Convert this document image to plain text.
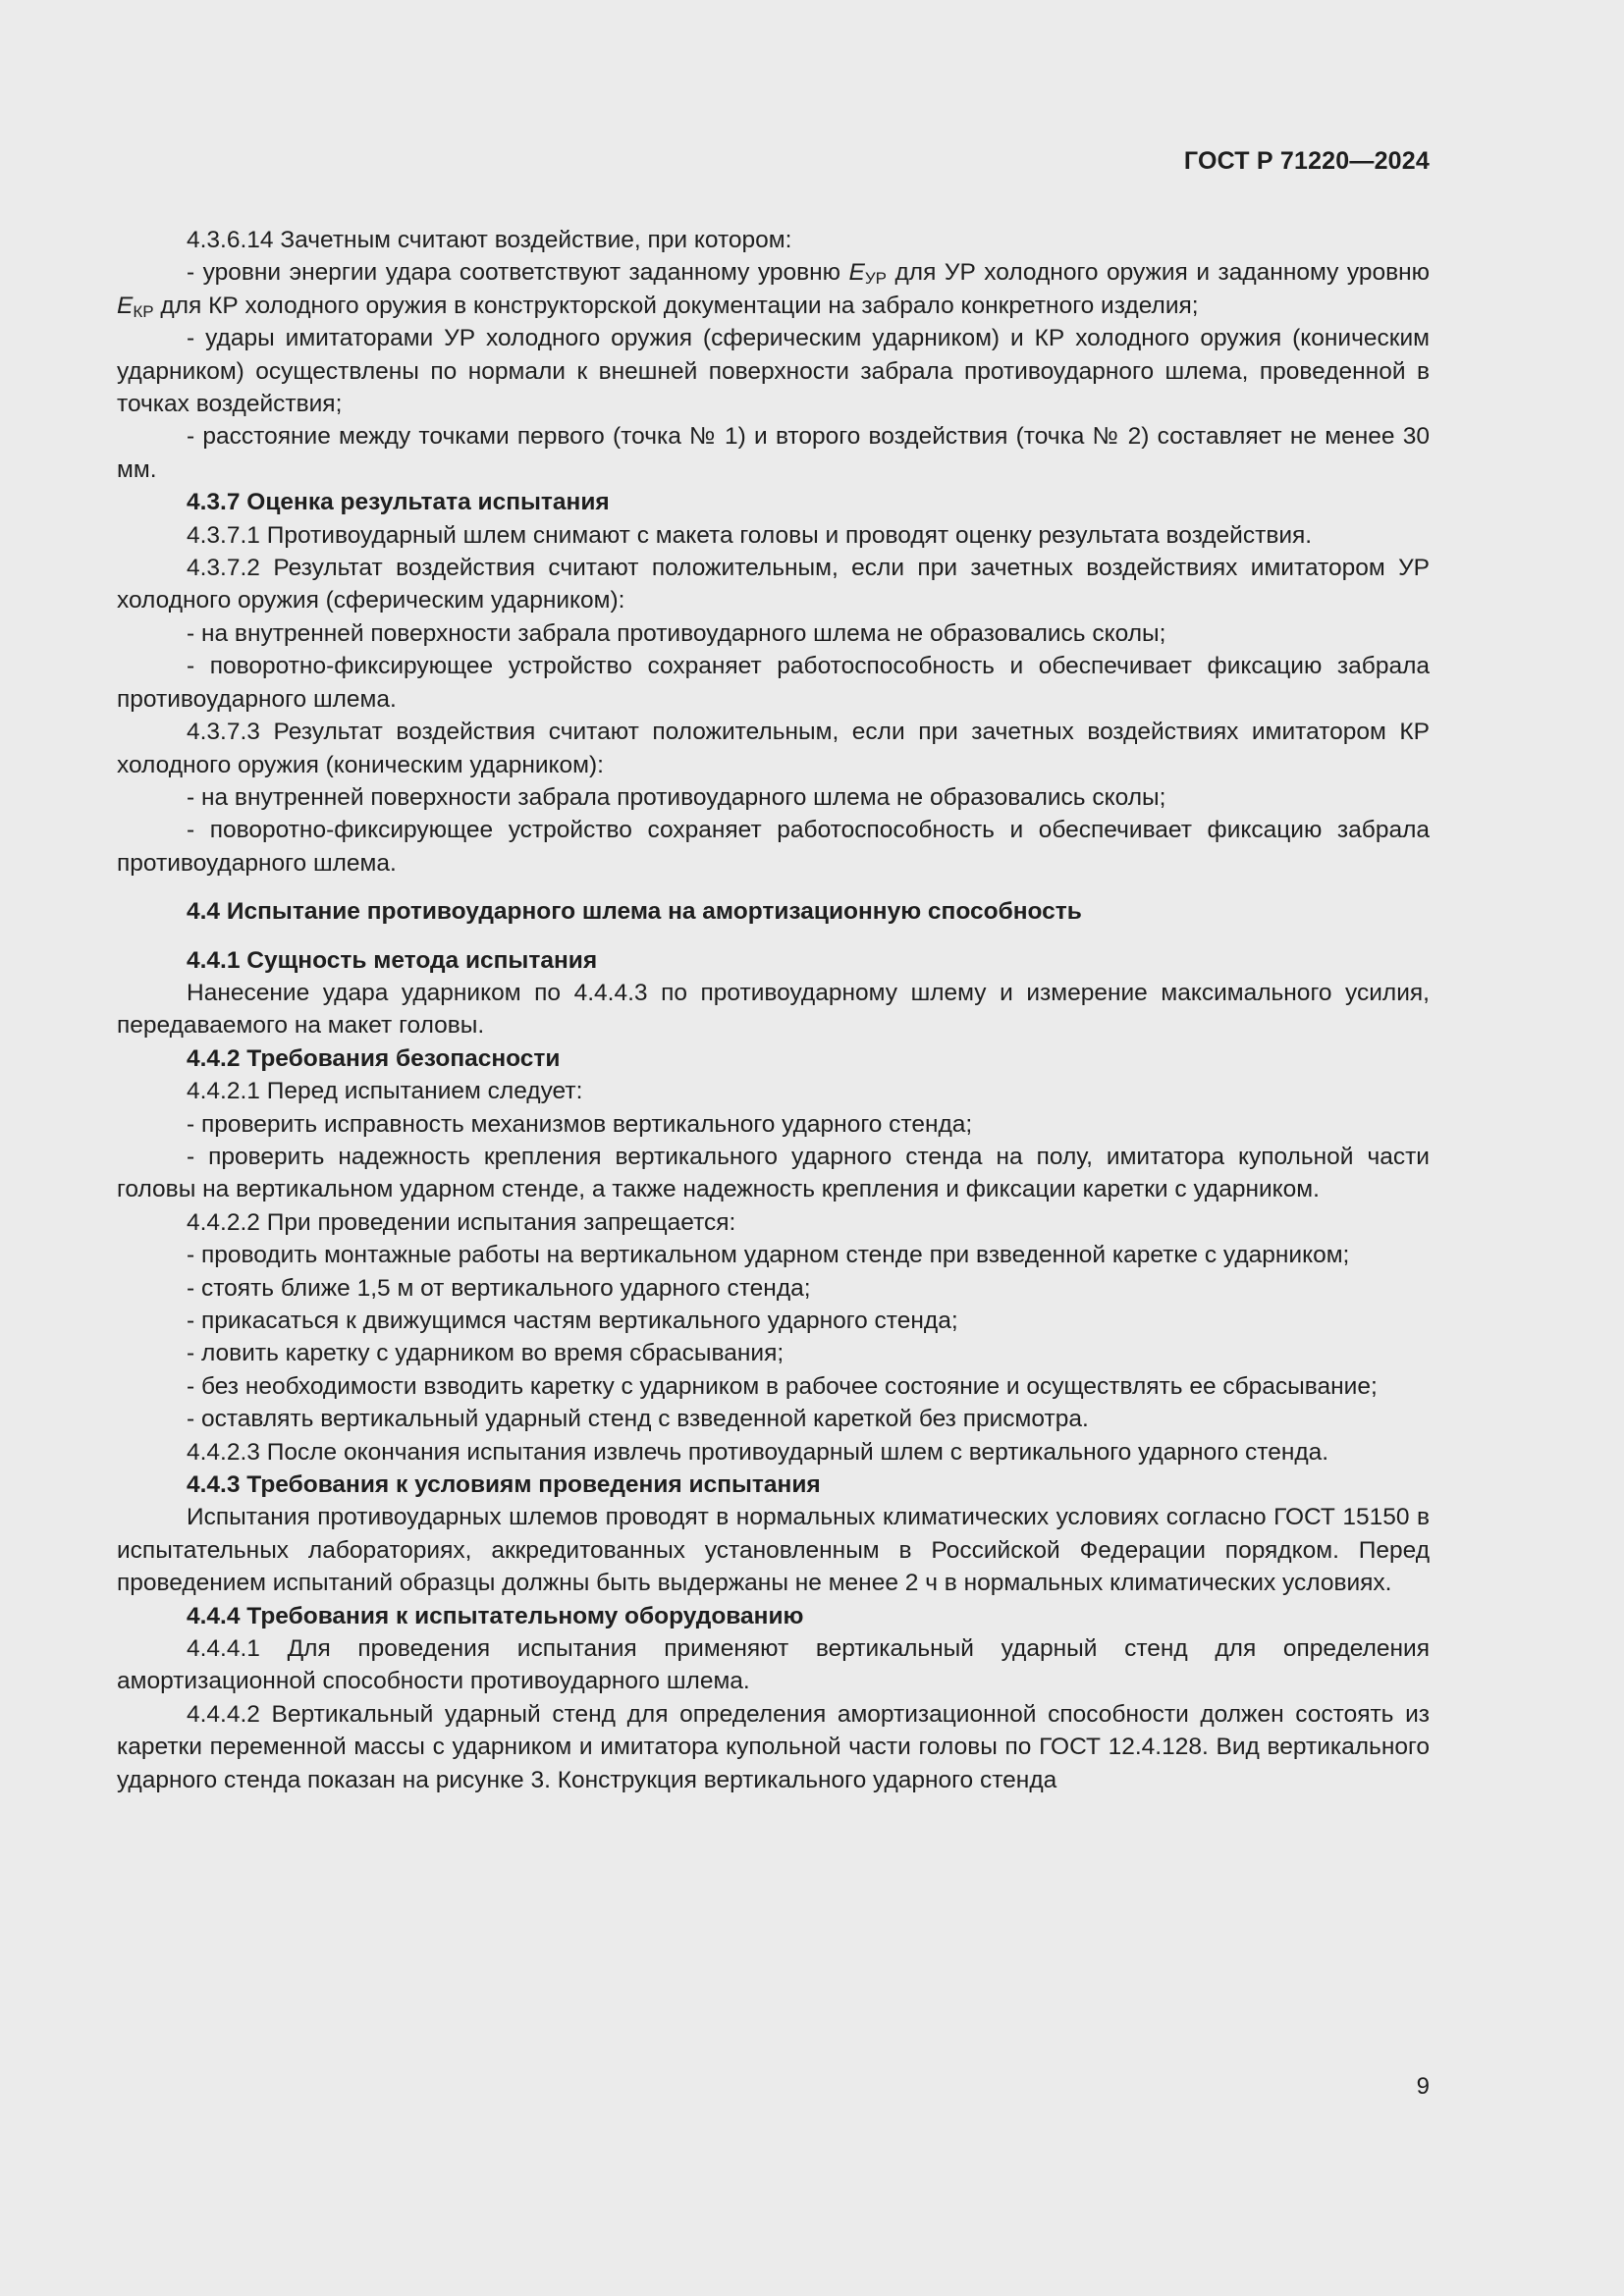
ГОСТ Р 71220—2024

4.3.6.14 Зачетным считают воздействие, при котором:

- уровни энергии удара соответствуют заданному уровню $E_{УР}$ для УР холодного оружия и заданному уровню $E_{КР}$ для КР холодного оружия в конструкторской документации на забрало конкретного изделия;

- удары имитаторами УР холодного оружия (сферическим ударником) и КР холодного оружия (коническим ударником) осуществлены по нормали к внешней поверхности забрала противоударного шлема, проведенной в точках воздействия;

- расстояние между точками первого (точка № 1) и второго воздействия (точка № 2) составляет не менее 30 мм.

4.3.7 Оценка результата испытания

4.3.7.1 Противоударный шлем снимают с макета головы и проводят оценку результата воздействия.

4.3.7.2 Результат воздействия считают положительным, если при зачетных воздействиях имитатором УР холодного оружия (сферическим ударником):

- на внутренней поверхности забрала противоударного шлема не образовались сколы;

- поворотно-фиксирующее устройство сохраняет работоспособность и обеспечивает фиксацию забрала противоударного шлема.

4.3.7.3 Результат воздействия считают положительным, если при зачетных воздействиях имитатором КР холодного оружия (коническим ударником):

- на внутренней поверхности забрала противоударного шлема не образовались сколы;

- поворотно-фиксирующее устройство сохраняет работоспособность и обеспечивает фиксацию забрала противоударного шлема.

4.4 Испытание противоударного шлема на амортизационную способность

4.4.1 Сущность метода испытания

Нанесение удара ударником по 4.4.4.3 по противоударному шлему и измерение максимального усилия, передаваемого на макет головы.

4.4.2 Требования безопасности

4.4.2.1 Перед испытанием следует:

- проверить исправность механизмов вертикального ударного стенда;

- проверить надежность крепления вертикального ударного стенда на полу, имитатора купольной части головы на вертикальном ударном стенде, а также надежность крепления и фиксации каретки с ударником.

4.4.2.2 При проведении испытания запрещается:

- проводить монтажные работы на вертикальном ударном стенде при взведенной каретке с ударником;

- стоять ближе 1,5 м от вертикального ударного стенда;

- прикасаться к движущимся частям вертикального ударного стенда;

- ловить каретку с ударником во время сбрасывания;

- без необходимости взводить каретку с ударником в рабочее состояние и осуществлять ее сбрасывание;

- оставлять вертикальный ударный стенд с взведенной кареткой без присмотра.

4.4.2.3 После окончания испытания извлечь противоударный шлем с вертикального ударного стенда.

4.4.3 Требования к условиям проведения испытания

Испытания противоударных шлемов проводят в нормальных климатических условиях согласно ГОСТ 15150 в испытательных лабораториях, аккредитованных установленным в Российской Федерации порядком. Перед проведением испытаний образцы должны быть выдержаны не менее 2 ч в нормальных климатических условиях.

4.4.4 Требования к испытательному оборудованию

4.4.4.1 Для проведения испытания применяют вертикальный ударный стенд для определения амортизационной способности противоударного шлема.

4.4.4.2 Вертикальный ударный стенд для определения амортизационной способности должен состоять из каретки переменной массы с ударником и имитатора купольной части головы по ГОСТ 12.4.128. Вид вертикального ударного стенда показан на рисунке 3. Конструкция вертикального ударного стенда

9
